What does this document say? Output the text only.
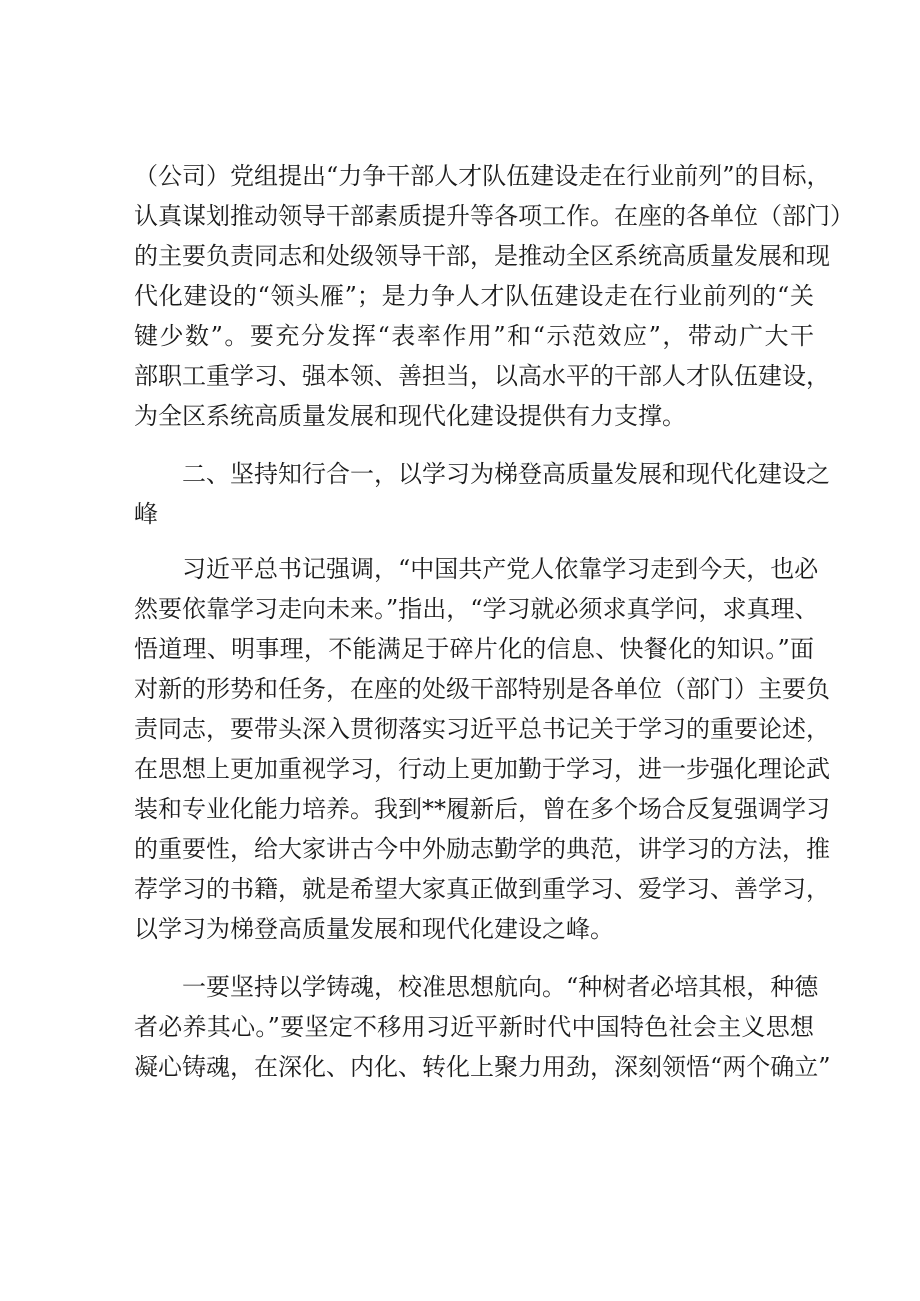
（公司）党组提出“力争干部人才队伍建设走在行业前列”的目标，
认真谋划推动领导干部素质提升等各项工作。在座的各单位（部门）
的主要负责同志和处级领导干部，是推动全区系统高质量发展和现
代化建设的“领头雁”；是力争人才队伍建设走在行业前列的“关
键少数”。要充分发挥“表率作用”和“示范效应”，带动广大干
部职工重学习、强本领、善担当，以高水平的干部人才队伍建设，
为全区系统高质量发展和现代化建设提供有力支撑。
二、坚持知行合一，以学习为梯登高质量发展和现代化建设之
峰
习近平总书记强调，“中国共产党人依靠学习走到今天，也必
然要依靠学习走向未来。”指出，“学习就必须求真学问，求真理、
悟道理、明事理，不能满足于碎片化的信息、快餐化的知识。”面
对新的形势和任务，在座的处级干部特别是各单位（部门）主要负
责同志，要带头深入贯彻落实习近平总书记关于学习的重要论述，
在思想上更加重视学习，行动上更加勤于学习，进一步强化理论武
装和专业化能力培养。我到**履新后，曾在多个场合反复强调学习
的重要性，给大家讲古今中外励志勤学的典范，讲学习的方法，推
荐学习的书籍，就是希望大家真正做到重学习、爱学习、善学习，
以学习为梯登高质量发展和现代化建设之峰。
一要坚持以学铸魂，校准思想航向。“种树者必培其根，种德
者必养其心。”要坚定不移用习近平新时代中国特色社会主义思想
凝心铸魂，在深化、内化、转化上聚力用劲，深刻领悟“两个确立”
